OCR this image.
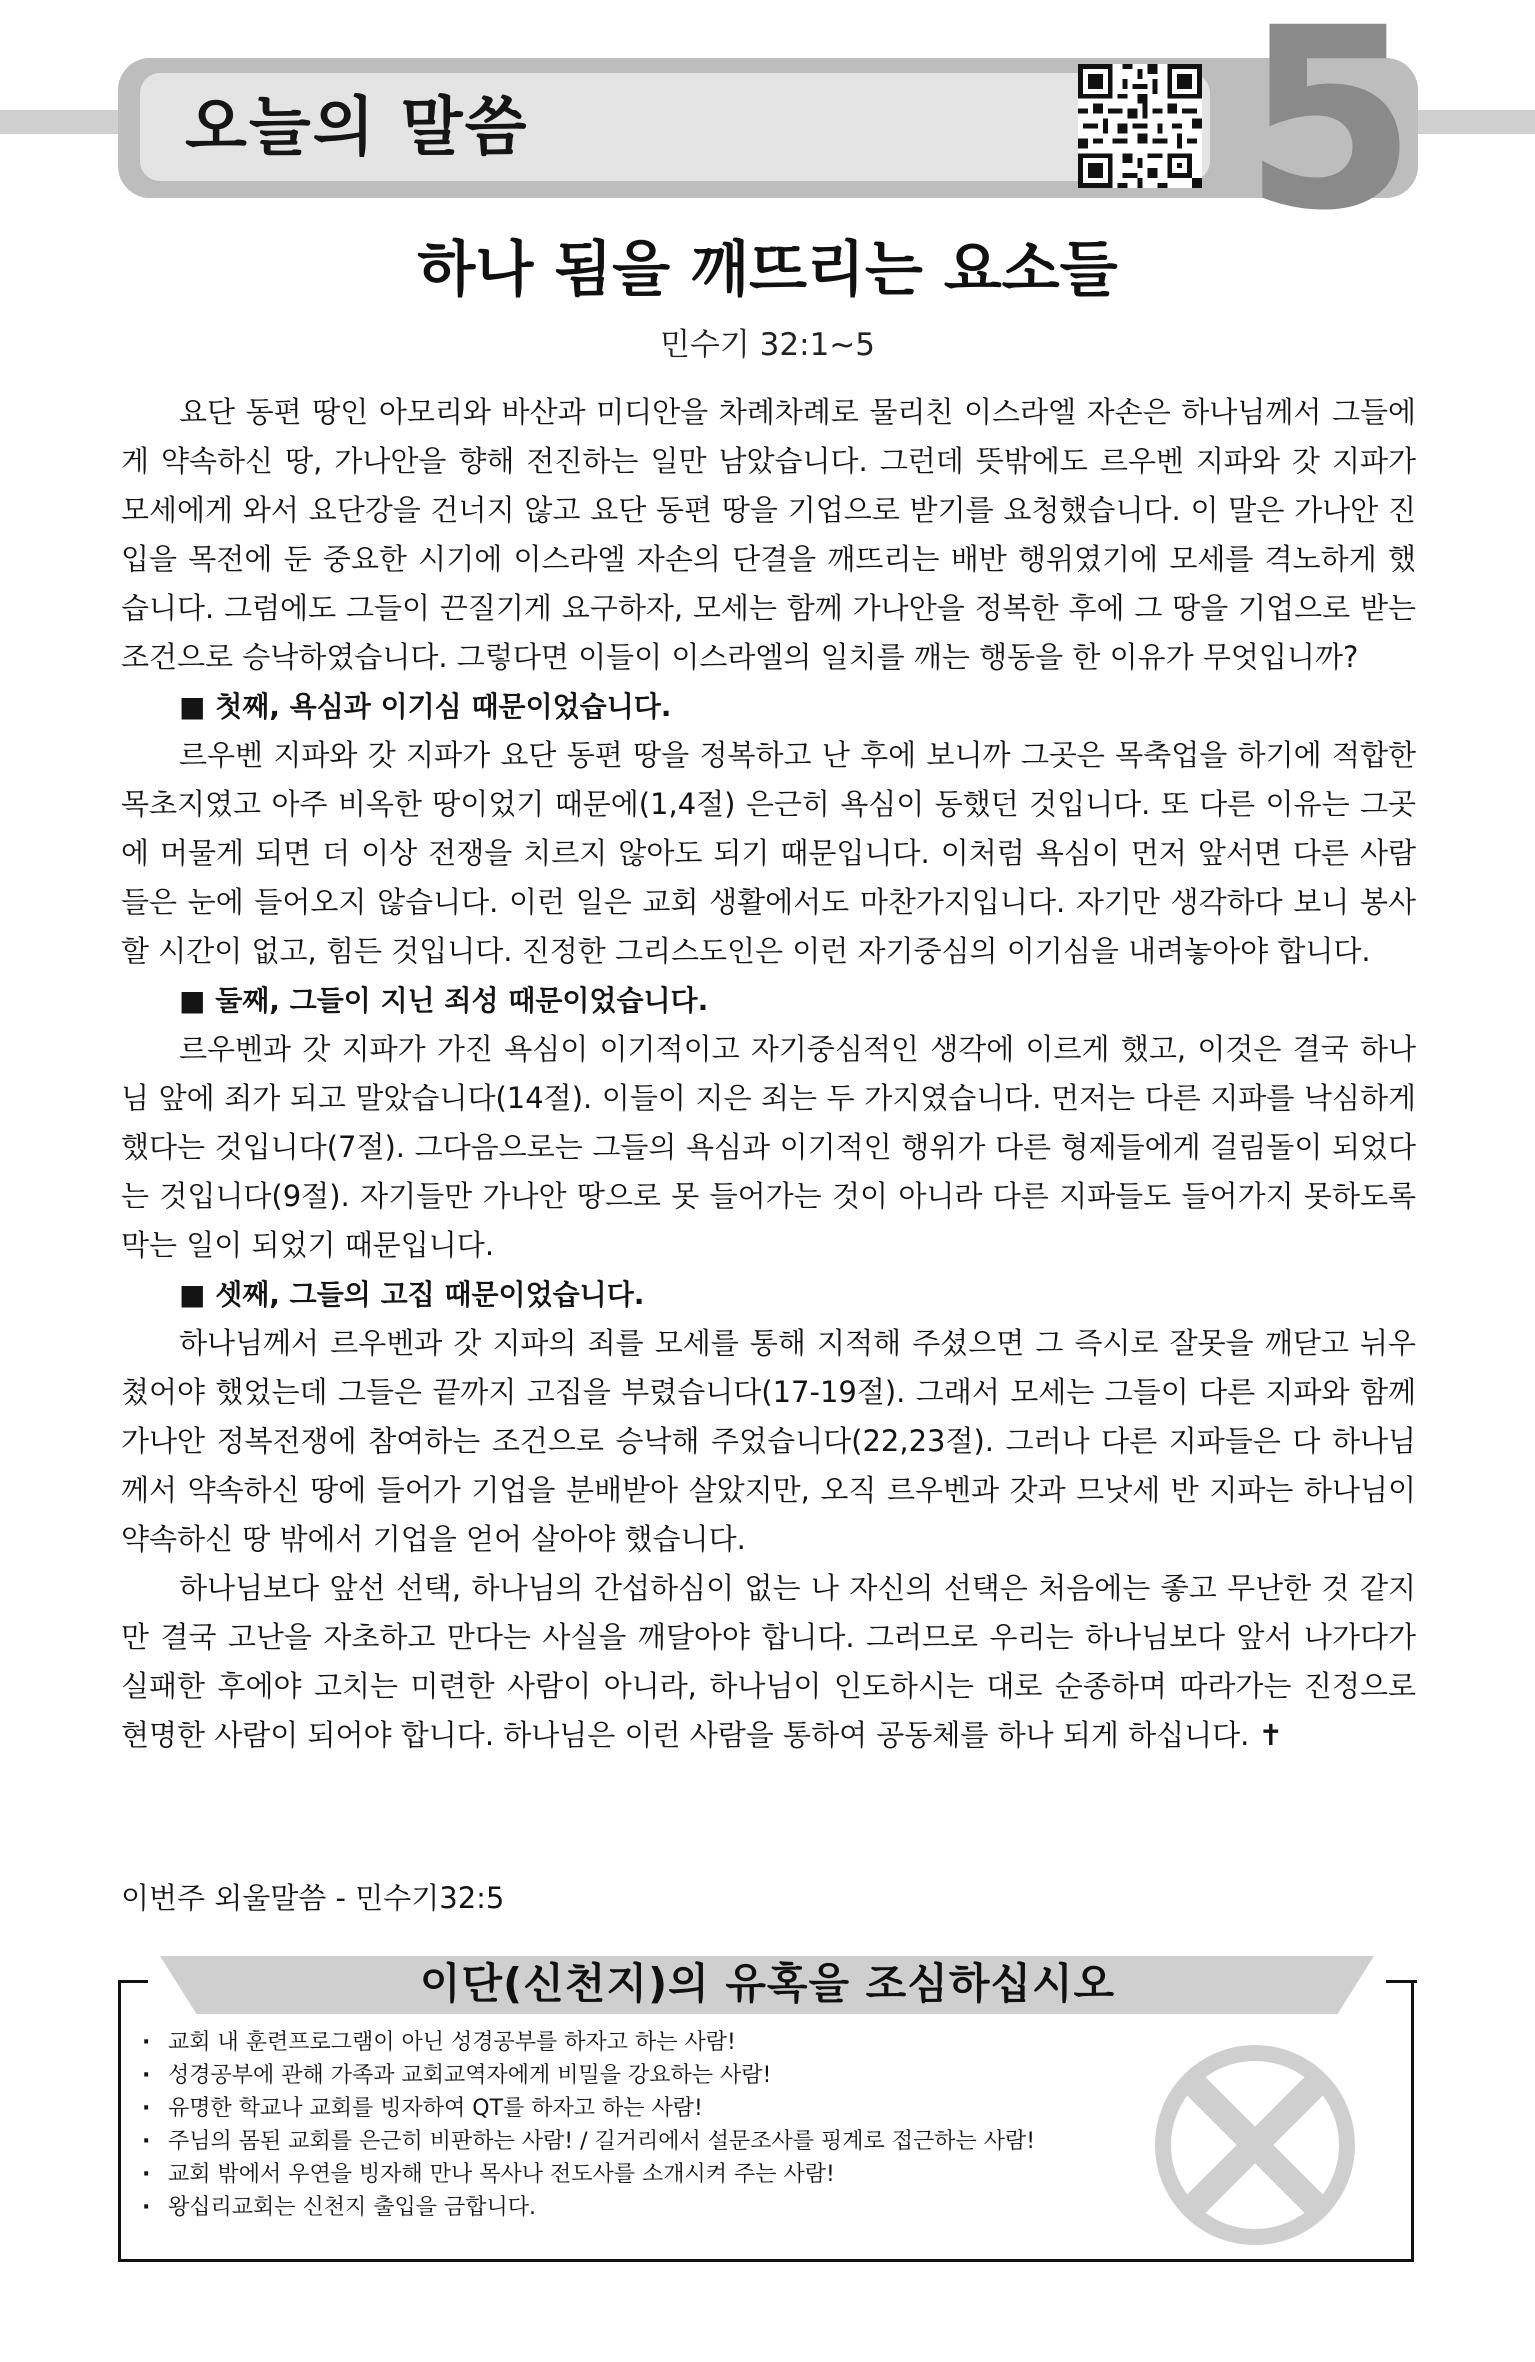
오늘의 말씀	5
하나 됨을 깨뜨리는 요소들
민수기 32:1~5

요단 동편 땅인 아모리와 바산과 미디안을 차례차례로 물리친 이스라엘 자손은 하나님께서 그들에게 약속하신 땅, 가나안을 향해 전진하는 일만 남았습니다. 그런데 뜻밖에도 르우벤 지파와 갓 지파가 모세에게 와서 요단강을 건너지 않고 요단 동편 땅을 기업으로 받기를 요청했습니다. 이 말은 가나안 진입을 목전에 둔 중요한 시기에 이스라엘 자손의 단결을 깨뜨리는 배반 행위였기에 모세를 격노하게 했습니다. 그럼에도 그들이 끈질기게 요구하자, 모세는 함께 가나안을 정복한 후에 그 땅을 기업으로 받는 조건으로 승낙하였습니다. 그렇다면 이들이 이스라엘의 일치를 깨는 행동을 한 이유가 무엇입니까?

■ 첫째, 욕심과 이기심 때문이었습니다.

르우벤 지파와 갓 지파가 요단 동편 땅을 정복하고 난 후에 보니까 그곳은 목축업을 하기에 적합한 목초지였고 아주 비옥한 땅이었기 때문에(1,4절) 은근히 욕심이 동했던 것입니다. 또 다른 이유는 그곳에 머물게 되면 더 이상 전쟁을 치르지 않아도 되기 때문입니다. 이처럼 욕심이 먼저 앞서면 다른 사람들은 눈에 들어오지 않습니다. 이런 일은 교회 생활에서도 마찬가지입니다. 자기만 생각하다 보니 봉사할 시간이 없고, 힘든 것입니다. 진정한 그리스도인은 이런 자기중심의 이기심을 내려놓아야 합니다.

■ 둘째, 그들이 지닌 죄성 때문이었습니다.

르우벤과 갓 지파가 가진 욕심이 이기적이고 자기중심적인 생각에 이르게 했고, 이것은 결국 하나님 앞에 죄가 되고 말았습니다(14절). 이들이 지은 죄는 두 가지였습니다. 먼저는 다른 지파를 낙심하게 했다는 것입니다(7절). 그다음으로는 그들의 욕심과 이기적인 행위가 다른 형제들에게 걸림돌이 되었다는 것입니다(9절). 자기들만 가나안 땅으로 못 들어가는 것이 아니라 다른 지파들도 들어가지 못하도록 막는 일이 되었기 때문입니다.

■ 셋째, 그들의 고집 때문이었습니다.

하나님께서 르우벤과 갓 지파의 죄를 모세를 통해 지적해 주셨으면 그 즉시로 잘못을 깨닫고 뉘우쳤어야 했었는데 그들은 끝까지 고집을 부렸습니다(17-19절). 그래서 모세는 그들이 다른 지파와 함께 가나안 정복전쟁에 참여하는 조건으로 승낙해 주었습니다(22,23절). 그러나 다른 지파들은 다 하나님께서 약속하신 땅에 들어가 기업을 분배받아 살았지만, 오직 르우벤과 갓과 므낫세 반 지파는 하나님이 약속하신 땅 밖에서 기업을 얻어 살아야 했습니다.

하나님보다 앞선 선택, 하나님의 간섭하심이 없는 나 자신의 선택은 처음에는 좋고 무난한 것 같지만 결국 고난을 자초하고 만다는 사실을 깨달아야 합니다. 그러므로 우리는 하나님보다 앞서 나가다가 실패한 후에야 고치는 미련한 사람이 아니라, 하나님이 인도하시는 대로 순종하며 따라가는 진정으로 현명한 사람이 되어야 합니다. 하나님은 이런 사람을 통하여 공동체를 하나 되게 하십니다. ✝

이번주 외울말씀 - 민수기32:5
이단(신천지)의 유혹을 조심하십시오
· 교회 내 훈련프로그램이 아닌 성경공부를 하자고 하는 사람!
· 성경공부에 관해 가족과 교회교역자에게 비밀을 강요하는 사람!
· 유명한 학교나 교회를 빙자하여 QT를 하자고 하는 사람!
· 주님의 몸된 교회를 은근히 비판하는 사람! / 길거리에서 설문조사를 핑계로 접근하는 사람!
· 교회 밖에서 우연을 빙자해 만나 목사나 전도사를 소개시켜 주는 사람!
· 왕십리교회는 신천지 출입을 금합니다.
